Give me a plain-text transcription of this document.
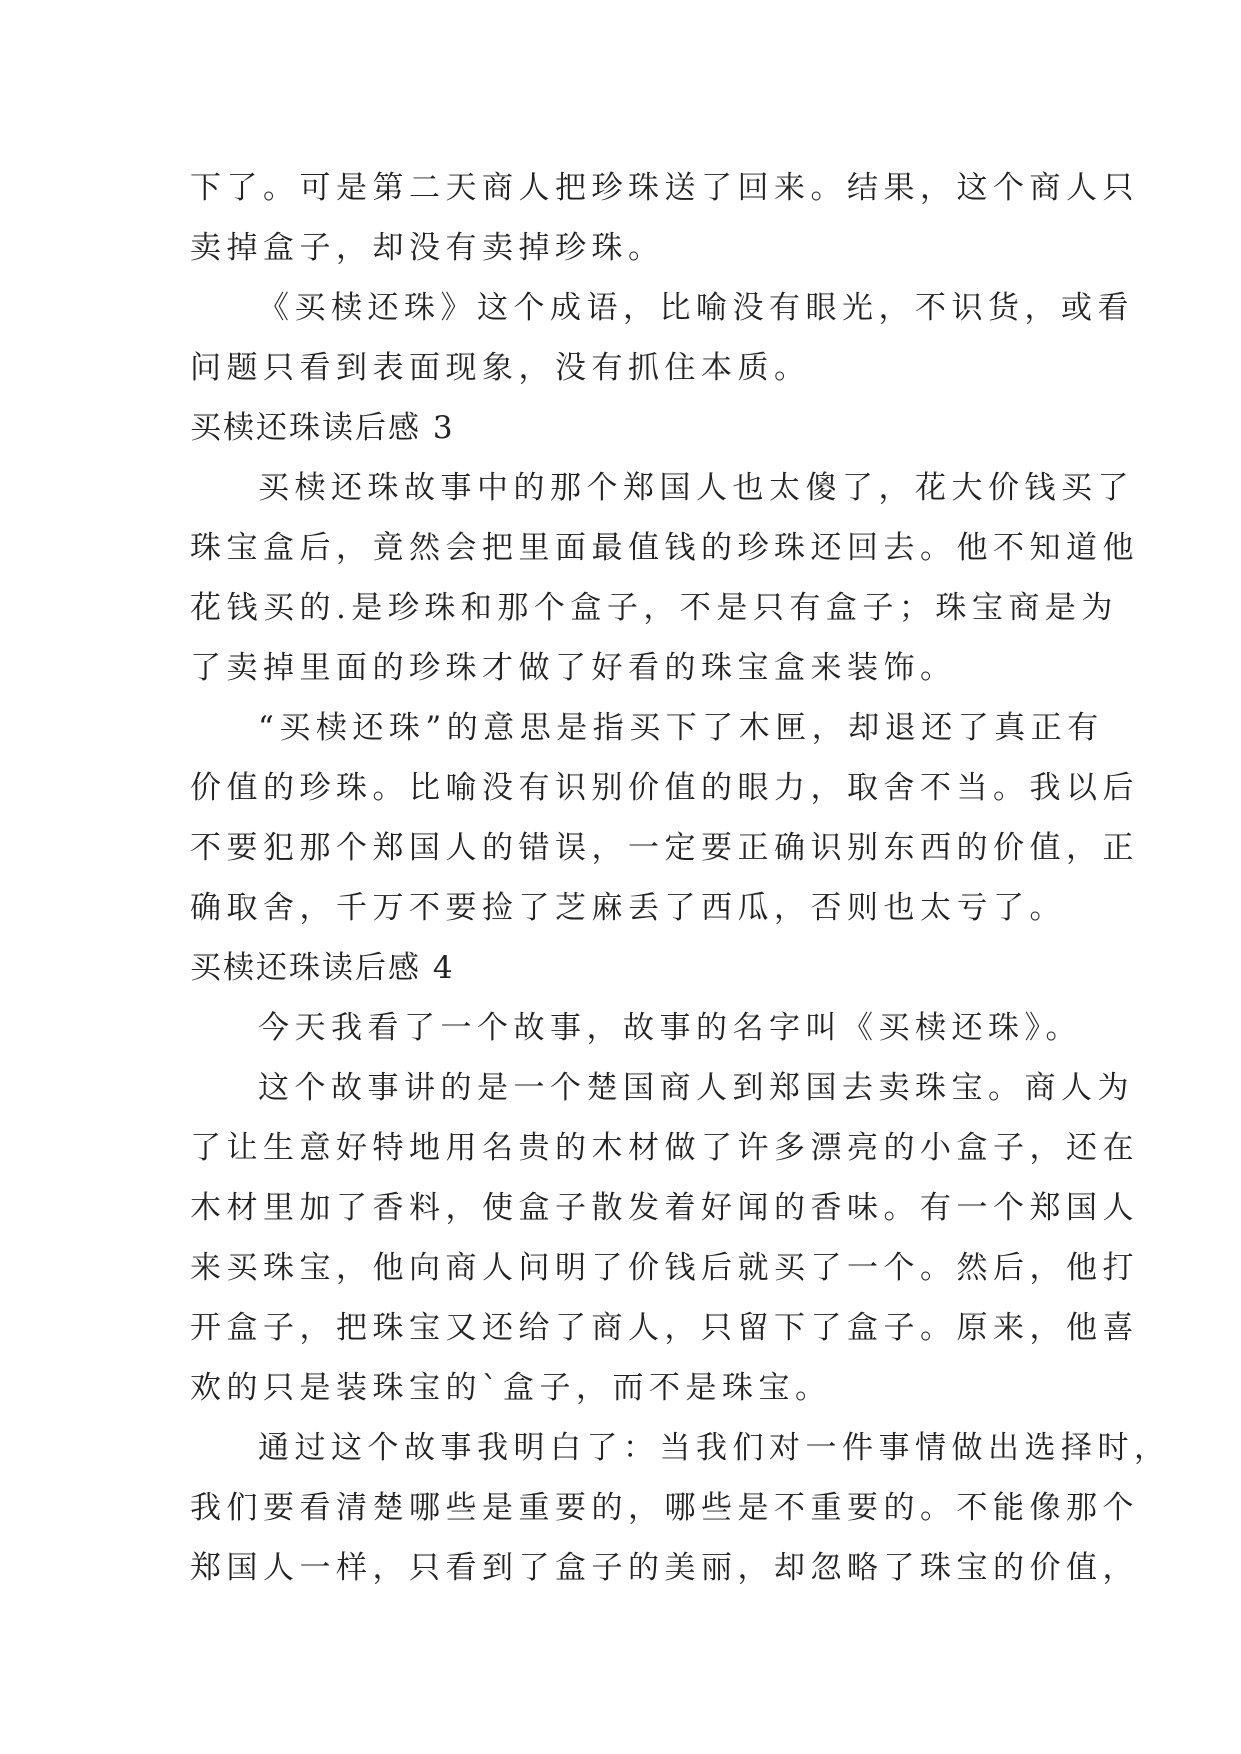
下了。可是第二天商人把珍珠送了回来。结果，这个商人只
卖掉盒子，却没有卖掉珍珠。
《买椟还珠》这个成语，比喻没有眼光，不识货，或看
问题只看到表面现象，没有抓住本质。
买椟还珠读后感 3
买椟还珠故事中的那个郑国人也太傻了，花大价钱买了
珠宝盒后，竟然会把里面最值钱的珍珠还回去。他不知道他
花钱买的.是珍珠和那个盒子，不是只有盒子；珠宝商是为
了卖掉里面的珍珠才做了好看的珠宝盒来装饰。
“买椟还珠”的意思是指买下了木匣，却退还了真正有
价值的珍珠。比喻没有识别价值的眼力，取舍不当。我以后
不要犯那个郑国人的错误，一定要正确识别东西的价值，正
确取舍，千万不要捡了芝麻丢了西瓜，否则也太亏了。
买椟还珠读后感 4
今天我看了一个故事，故事的名字叫《买椟还珠》。
这个故事讲的是一个楚国商人到郑国去卖珠宝。商人为
了让生意好特地用名贵的木材做了许多漂亮的小盒子，还在
木材里加了香料，使盒子散发着好闻的香味。有一个郑国人
来买珠宝，他向商人问明了价钱后就买了一个。然后，他打
开盒子，把珠宝又还给了商人，只留下了盒子。原来，他喜
欢的只是装珠宝的`盒子，而不是珠宝。
通过这个故事我明白了：当我们对一件事情做出选择时，
我们要看清楚哪些是重要的，哪些是不重要的。不能像那个
郑国人一样，只看到了盒子的美丽，却忽略了珠宝的价值，
